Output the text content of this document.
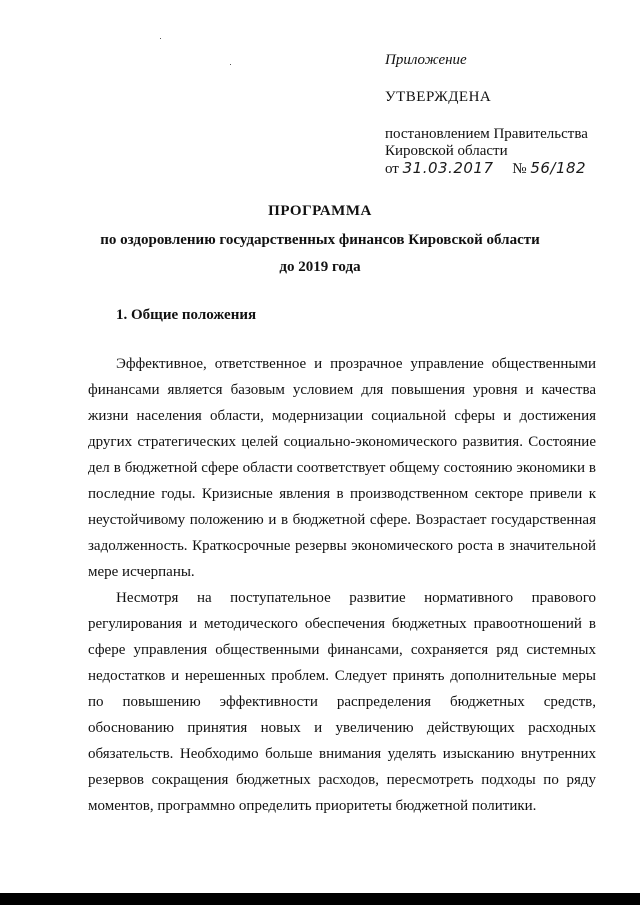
Приложение

УТВЕРЖДЕНА

постановлением Правительства
Кировской области
от 31.03.2017 № 56/182

ПРОГРАММА

по оздоровлению государственных финансов Кировской области

до 2019 года

1. Общие положения

Эффективное, ответственное и прозрачное управление общественными финансами является базовым условием для повышения уровня и качества жизни населения области, модернизации социальной сферы и достижения других стратегических целей социально-экономического развития. Состояние дел в бюджетной сфере области соответствует общему состоянию экономики в последние годы. Кризисные явления в производственном секторе привели к неустойчивому положению и в бюджетной сфере. Возрастает государственная задолженность. Краткосрочные резервы экономического роста в значительной мере исчерпаны.

Несмотря на поступательное развитие нормативного правового регулирования и методического обеспечения бюджетных правоотношений в сфере управления общественными финансами, сохраняется ряд системных недостатков и нерешенных проблем. Следует принять дополнительные меры по повышению эффективности распределения бюджетных средств, обоснованию принятия новых и увеличению действующих расходных обязательств. Необходимо больше внимания уделять изысканию внутренних резервов сокращения бюджетных расходов, пересмотреть подходы по ряду моментов, программно определить приоритеты бюджетной политики.
